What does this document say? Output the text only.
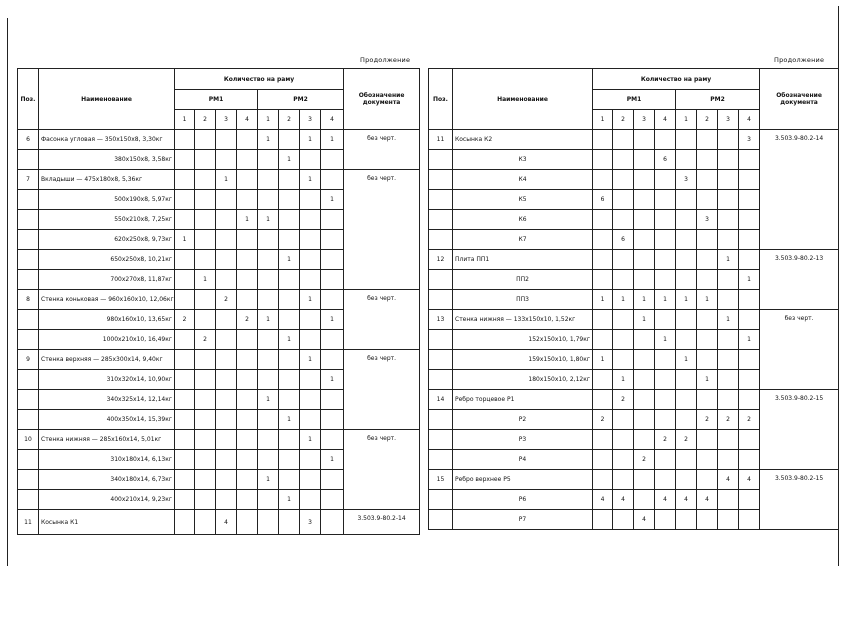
Продолжение	Продолжение
Поз.	Наименование	Количество на раму								Обозначение документа
		РМ1				РМ2				
		1	2	3	4	1	2	3	4	
6	Фасонка угловая — 350х150х8, 3,30кг					1		1	1	без черт.
	380х150х8, 3,58кг						1			
7	Вкладыши — 475х180х8, 5,36кг			1				1		без черт.
	500х190х8, 5,97кг								1	
	550х210х8, 7,25кг				1	1				
	620х250х8, 9,73кг	1								
	650х250х8, 10,21кг						1			
	700х270х8, 11,87кг		1							
8	Стенка коньковая — 960х160х10, 12,06кг			2				1		без черт.
	980х160х10, 13,65кг	2			2	1			1	
	1000х210х10, 16,49кг		2				1			
9	Стенка верхняя — 285х300х14, 9,40кг							1		без черт.
	310х320х14, 10,90кг								1	
	340х325х14, 12,14кг					1				
	400х350х14, 15,39кг						1			
10	Стенка нижняя — 285х160х14, 5,01кг							1		без черт.
	310х180х14, 6,13кг								1	
	340х180х14, 6,73кг					1				
	400х210х14, 9,23кг						1			
11	Косынка К1			4				3		3.503.9-80.2-14
Поз.	Наименование	Количество на раму								Обозначение документа
		РМ1				РМ2				
		1	2	3	4	1	2	3	4	
11	Косынка К2								3	3.503.9-80.2-14
	К3				6					
	К4					3				
	К5	6								
	К6						3			
	К7		6							
12	Плита ПП1							1		3.503.9-80.2-13
	ПП2								1	
	ПП3	1	1	1	1	1	1			
13	Стенка нижняя — 133х150х10, 1,52кг			1				1		без черт.
	152х150х10, 1,79кг				1				1	
	159х150х10, 1,80кг	1				1				
	180х150х10, 2,12кг		1				1			
14	Ребро торцевое Р1		2							3.503.9-80.2-15
	Р2	2					2	2	2	
	Р3				2	2				
	Р4			2						
15	Ребро верхнее Р5							4	4	3.503.9-80.2-15
	Р6	4	4		4	4	4			
	Р7			4						
